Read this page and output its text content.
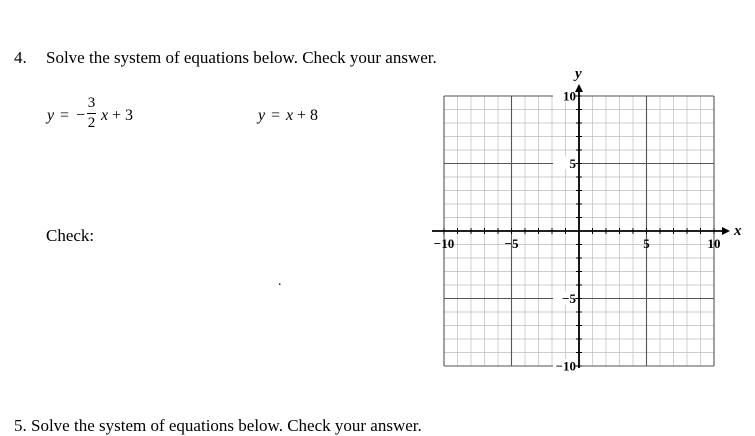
4. Solve the system of equations below. Check your answer.
y = −
3
2 x + 3	y = x + 8
Check:
.
−10	−5	5	10
10
5
−5
−10
x
y
5. Solve the system of equations below. Check your answer.
